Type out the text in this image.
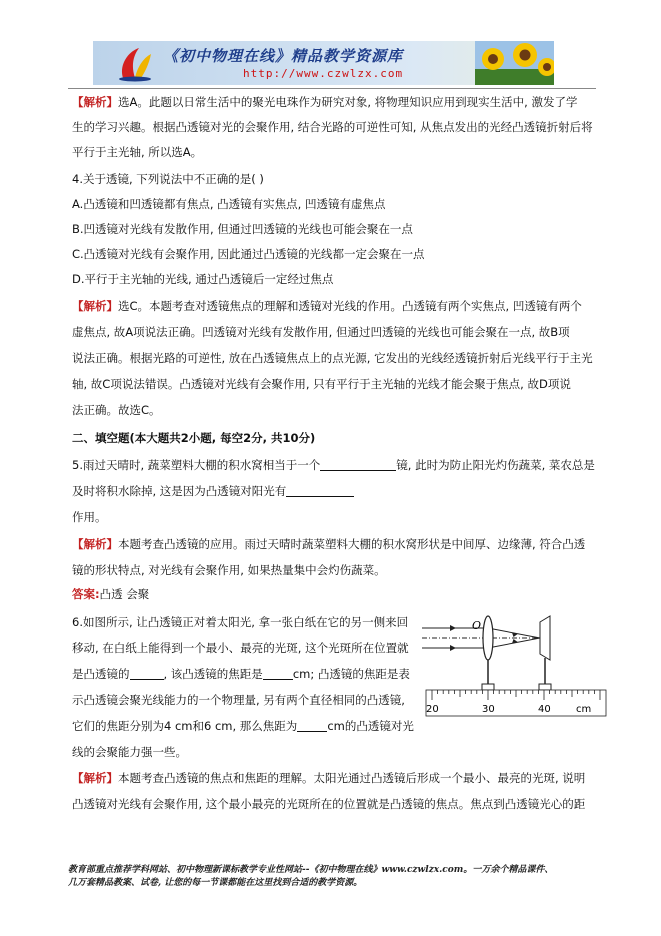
《初中物理在线》精品教学资源库
http://www.czwlzx.com
【解析】选A。此题以日常生活中的聚光电珠作为研究对象, 将物理知识应用到现实生活中, 激发了学
生的学习兴趣。根据凸透镜对光的会聚作用, 结合光路的可逆性可知, 从焦点发出的光经凸透镜折射后将
平行于主光轴, 所以选A。
4.关于透镜, 下列说法中不正确的是( )
A.凸透镜和凹透镜都有焦点, 凸透镜有实焦点, 凹透镜有虚焦点
B.凹透镜对光线有发散作用, 但通过凹透镜的光线也可能会聚在一点
C.凸透镜对光线有会聚作用, 因此通过凸透镜的光线都一定会聚在一点
D.平行于主光轴的光线, 通过凸透镜后一定经过焦点
【解析】选C。本题考查对透镜焦点的理解和透镜对光线的作用。凸透镜有两个实焦点, 凹透镜有两个
虚焦点, 故A项说法正确。凹透镜对光线有发散作用, 但通过凹透镜的光线也可能会聚在一点, 故B项
说法正确。根据光路的可逆性, 放在凸透镜焦点上的点光源, 它发出的光线经透镜折射后光线平行于主光
轴, 故C项说法错误。凸透镜对光线有会聚作用, 只有平行于主光轴的光线才能会聚于焦点, 故D项说
法正确。故选C。
二、填空题(本大题共2小题, 每空2分, 共10分)
5.雨过天晴时, 蔬菜塑料大棚的积水窝相当于一个	镜, 此时为防止阳光灼伤蔬菜, 菜农总是
及时将积水除掉, 这是因为凸透镜对阳光有
作用。
【解析】本题考查凸透镜的应用。雨过天晴时蔬菜塑料大棚的积水窝形状是中间厚、边缘薄, 符合凸透
镜的形状特点, 对光线有会聚作用, 如果热量集中会灼伤蔬菜。
答案:凸透 会聚
6.如图所示, 让凸透镜正对着太阳光, 拿一张白纸在它的另一侧来回
移动, 在白纸上能得到一个最小、最亮的光斑, 这个光斑所在位置就
是凸透镜的	, 该凸透镜的焦距是	cm; 凸透镜的焦距是表
示凸透镜会聚光线能力的一个物理量, 另有两个直径相同的凸透镜,
它们的焦距分别为4 cm和6 cm, 那么焦距为	cm的凸透镜对光
线的会聚能力强一些。
【解析】本题考查凸透镜的焦点和焦距的理解。太阳光通过凸透镜后形成一个最小、最亮的光斑, 说明
凸透镜对光线有会聚作用, 这个最小最亮的光斑所在的位置就是凸透镜的焦点。焦点到凸透镜光心的距
O
20	30	40	cm
教育部重点推荐学科网站、初中物理新课标教学专业性网站--《初中物理在线》www.czwlzx.com。一万余个精品课件、
几万套精品教案、试卷, 让您的每一节课都能在这里找到合适的教学资源。
